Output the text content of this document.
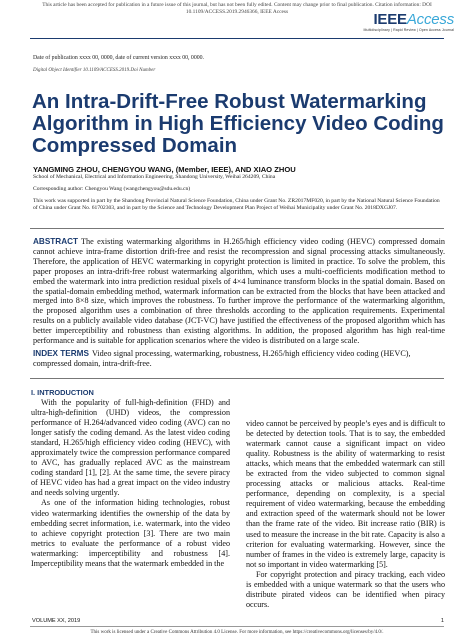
This article has been accepted for publication in a future issue of this journal, but has not been fully edited. Content may change prior to final publication. Citation information: DOI
10.1109/ACCESS.2019.2946366, IEEE Access	IEEEAccess
Multidisciplinary | Rapid Review | Open Access Journal
Date of publication xxxx 00, 0000, date of current version xxxx 00, 0000.
Digital Object Identifier 10.1109/ACCESS.2019.Doi Number
An Intra-Drift-Free Robust Watermarking Algorithm in High Efficiency Video Coding Compressed Domain
YANGMING ZHOU, CHENGYOU WANG, (Member, IEEE), AND XIAO ZHOU
School of Mechanical, Electrical and Information Engineering, Shandong University, Weihai 264209, China
Corresponding author: Chengyou Wang (wangchengyou@sdu.edu.cn)
This work was supported in part by the Shandong Provincial Natural Science Foundation, China under Grant No. ZR2017MF020, in part by the National Natural Science Foundation of China under Grant No. 61702303, and in part by the Science and Technology Development Plan Project of Weihai Municipality under Grant No. 2018DXGJ07.
ABSTRACT The existing watermarking algorithms in H.265/high efficiency video coding (HEVC) compressed domain cannot achieve intra-frame distortion drift-free and resist the recompression and signal processing attacks simultaneously. Therefore, the application of HEVC watermarking in copyright protection is limited in practice. To solve the problem, this paper proposes an intra-drift-free robust watermarking algorithm, which uses a multi-coefficients modification method to embed the watermark into intra prediction residual pixels of 4×4 luminance transform blocks in the spatial domain. Based on the spatial-domain embedding method, watermark information can be extracted from the blocks that have been attacked and merged into 8×8 size, which improves the robustness. To further improve the performance of the watermarking algorithm, the proposed algorithm uses a combination of three thresholds according to the application requirements. Experimental results on a publicly available video database (JCT-VC) have justified the effectiveness of the proposed algorithm which has better imperceptibility and robustness than existing algorithms. In addition, the proposed algorithm has high real-time performance and is suitable for application scenarios where the video is distributed on a large scale.
INDEX TERMS Video signal processing, watermarking, robustness, H.265/high efficiency video coding (HEVC), compressed domain, intra-drift-free.
I. INTRODUCTION

With the popularity of full-high-definition (FHD) and ultra-high-definition (UHD) videos, the compression performance of H.264/advanced video coding (AVC) can no longer satisfy the coding demand. As the latest video coding standard, H.265/high efficiency video coding (HEVC), with approximately twice the compression performance compared to AVC, has gradually replaced AVC as the mainstream coding standard [1], [2]. At the same time, the severe piracy of HEVC video has had a great impact on the video industry and needs solving urgently.

As one of the information hiding technologies, robust video watermarking identifies the ownership of the data by embedding secret information, i.e. watermark, into the video to achieve copyright protection [3]. There are two main metrics to evaluate the performance of a robust video watermarking: imperceptibility and robustness [4]. Imperceptibility means that the watermark embedded in the

video cannot be perceived by people’s eyes and is difficult to be detected by detection tools. That is to say, the embedded watermark cannot cause a significant impact on video quality. Robustness is the ability of watermarking to resist attacks, which means that the embedded watermark can still be extracted from the video subjected to common signal processing attacks or malicious attacks. Real-time performance, depending on complexity, is a special requirement of video watermarking, because the embedding and extraction speed of the watermark should not be lower than the frame rate of the video. Bit increase ratio (BIR) is used to measure the increase in the bit rate. Capacity is also a criterion for evaluating watermarking. However, since the number of frames in the video is extremely large, capacity is not so important in video watermarking [5].

For copyright protection and piracy tracking, each video is embedded with a unique watermark so that the users who distribute pirated videos can be identified when piracy occurs.

VOLUME XX, 2019	1
This work is licensed under a Creative Commons Attribution 4.0 License. For more information, see https://creativecommons.org/licenses/by/4.0/.
